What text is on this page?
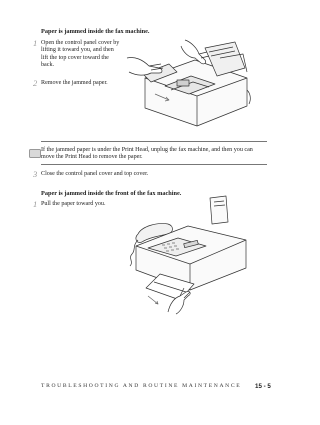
Paper is jammed inside the fax machine.
1 Open the control panel cover by lifting it toward you, and then lift the top cover toward the back.
2 Remove the jammed paper.
If the jammed paper is under the Print Head, unplug the fax machine, and then you can move the Print Head to remove the paper.
3 Close the control panel cover and top cover.
Paper is jammed inside the front of the fax machine.
1 Pull the paper toward you.
TROUBLESHOOTING AND ROUTINE MAINTENANCE 15 - 5
